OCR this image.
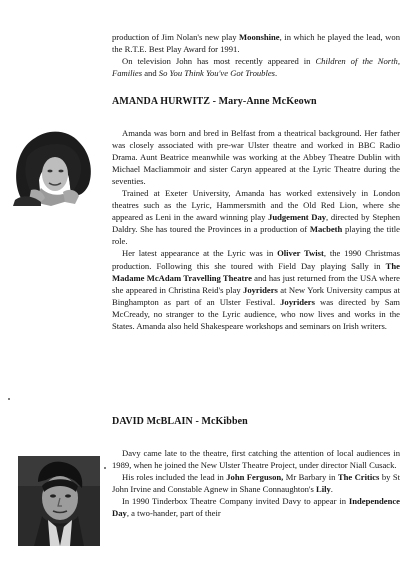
production of Jim Nolan's new play Moonshine, in which he played the lead, won the R.T.E. Best Play Award for 1991.

On television John has most recently appeared in Children of the North, Families and So You Think You've Got Troubles.

AMANDA HURWITZ - Mary-Anne McKeown

Amanda was born and bred in Belfast from a theatrical background. Her father was closely associated with pre-war Ulster theatre and worked in BBC Radio Drama. Aunt Beatrice meanwhile was working at the Abbey Theatre Dublin with Michael Macliammoir and sister Caryn appeared at the Lyric Theatre during the seventies.

Trained at Exeter University, Amanda has worked extensively in London theatres such as the Lyric, Hammersmith and the Old Red Lion, where she appeared as Leni in the award winning play Judgement Day, directed by Stephen Daldry. She has toured the Provinces in a production of Macbeth playing the title role.

Her latest appearance at the Lyric was in Oliver Twist, the 1990 Christmas production. Following this she toured with Field Day playing Sally in The Madame McAdam Travelling Theatre and has just returned from the USA where she appeared in Christina Reid's play Joyriders at New York University campus at Binghampton as part of an Ulster Festival. Joyriders was directed by Sam McCready, no stranger to the Lyric audience, who now lives and works in the States. Amanda also held Shakespeare workshops and seminars on Irish writers.

DAVID McBLAIN - McKibben

Davy came late to the theatre, first catching the attention of local audiences in 1989, when he joined the New Ulster Theatre Project, under director Niall Cusack.

His roles included the lead in John Ferguson, Mr Barbary in The Critics by St John Irvine and Constable Agnew in Shane Connaughton's Lily.

In 1990 Tinderbox Theatre Company invited Davy to appear in Independence Day, a two-hander, part of their
